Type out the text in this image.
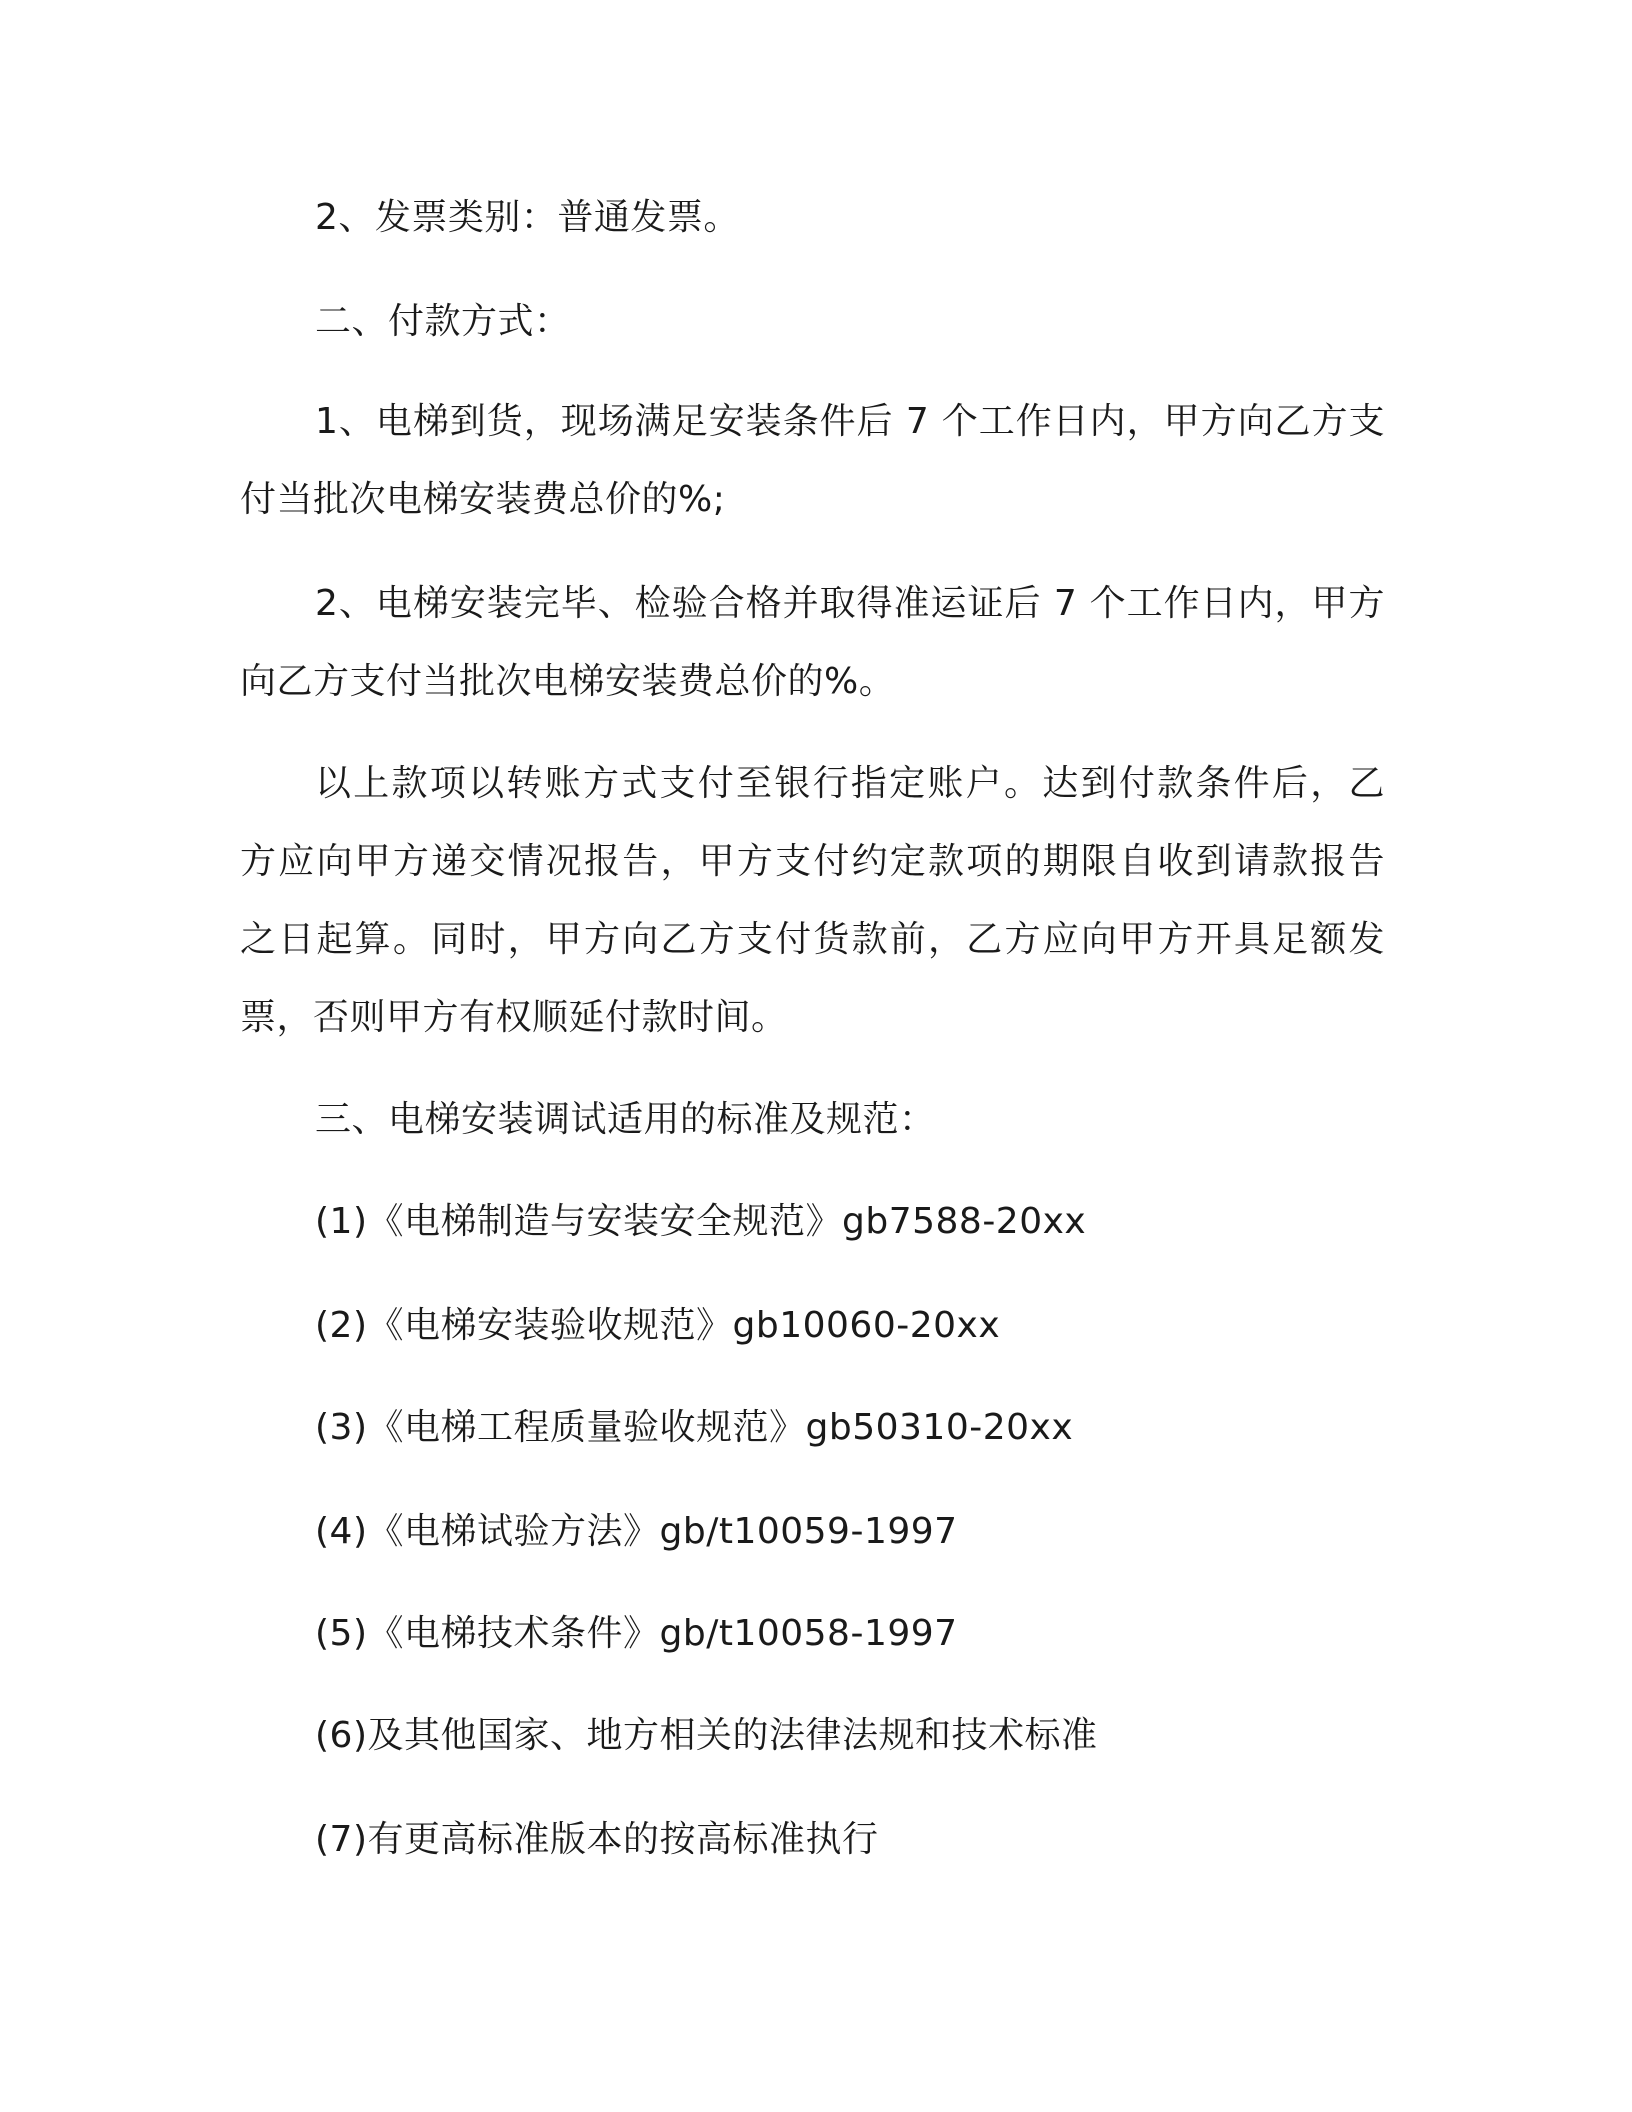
2、发票类别：普通发票。
二、付款方式：
1、电梯到货，现场满足安装条件后 7 个工作日内，甲方向乙方支
付当批次电梯安装费总价的%;
2、电梯安装完毕、检验合格并取得准运证后 7 个工作日内，甲方
向乙方支付当批次电梯安装费总价的%。
以上款项以转账方式支付至银行指定账户。达到付款条件后，乙
方应向甲方递交情况报告，甲方支付约定款项的期限自收到请款报告
之日起算。同时，甲方向乙方支付货款前，乙方应向甲方开具足额发
票，否则甲方有权顺延付款时间。
三、电梯安装调试适用的标准及规范：
(1)《电梯制造与安装安全规范》gb7588-20xx
(2)《电梯安装验收规范》gb10060-20xx
(3)《电梯工程质量验收规范》gb50310-20xx
(4)《电梯试验方法》gb/t10059-1997
(5)《电梯技术条件》gb/t10058-1997
(6)及其他国家、地方相关的法律法规和技术标准
(7)有更高标准版本的按高标准执行
